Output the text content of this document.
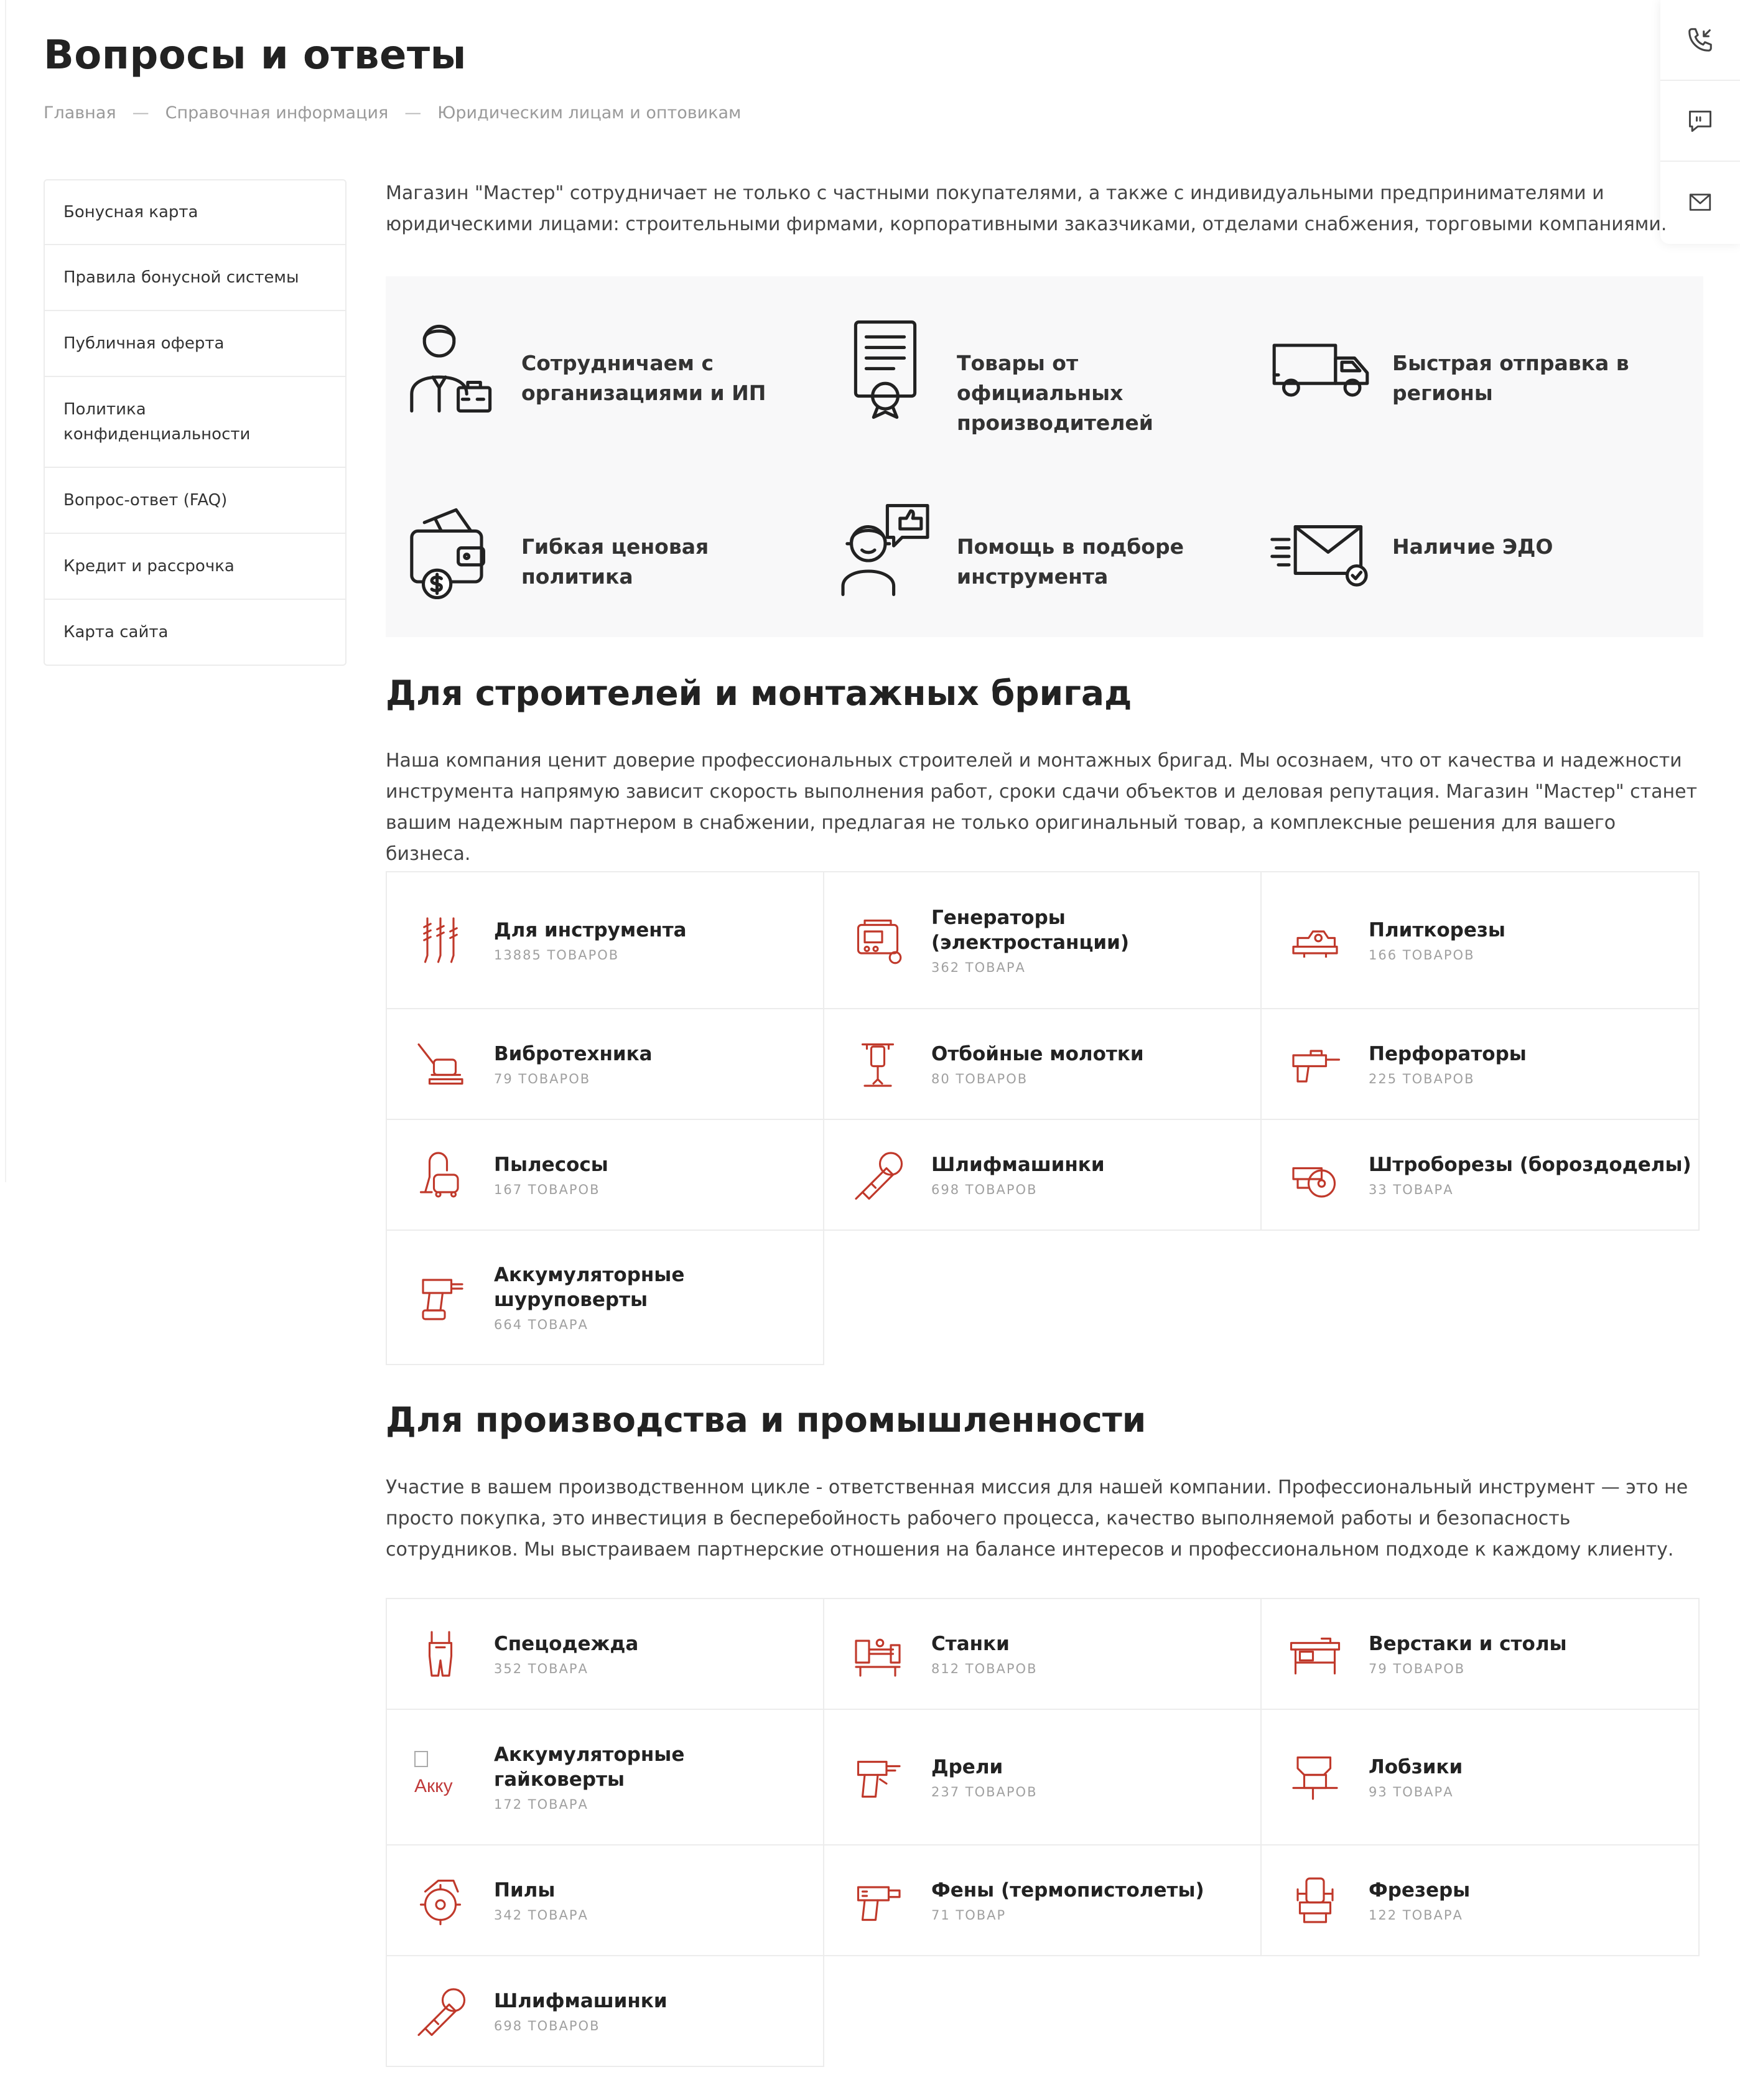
Вопросы и ответы
Главная — Справочная информация — Юридическим лицам и оптовикам
Бонусная карта
Правила бонусной системы
Публичная оферта
Политика конфиденциальности
Вопрос-ответ (FAQ)
Кредит и рассрочка
Карта сайта

Магазин "Мастер" сотрудничает не только с частными покупателями, а также с индивидуальными предпринимателями и юридическими лицами: строительными фирмами, корпоративными заказчиками, отделами снабжения, торговыми компаниями.

Сотрудничаем с организациями и ИП
Товары от официальных производителей
Быстрая отправка в регионы
Гибкая ценовая политика
Помощь в подборе инструмента
Наличие ЭДО
Для строителей и монтажных бригад

Наша компания ценит доверие профессиональных строителей и монтажных бригад. Мы осознаем, что от качества и надежности инструмента напрямую зависит скорость выполнения работ, сроки сдачи объектов и деловая репутация. Магазин "Мастер" станет вашим надежным партнером в снабжении, предлагая не только оригинальный товар, а комплексные решения для вашего бизнеса.

Для инструмента
13885 ТОВАРОВ
Генераторы (электростанции)
362 ТОВАРА
Плиткорезы
166 ТОВАРОВ
Вибротехника
79 ТОВАРОВ
Отбойные молотки
80 ТОВАРОВ
Перфораторы
225 ТОВАРОВ
Пылесосы
167 ТОВАРОВ
Шлифмашинки
698 ТОВАРОВ
Штроборезы (бороздоделы)
33 ТОВАРА
Аккумуляторные шуруповерты
664 ТОВАРА
Для производства и промышленности

Участие в вашем производственном цикле - ответственная миссия для нашей компании. Профессиональный инструмент — это не просто покупка, это инвестиция в бесперебойность рабочего процесса, качество выполняемой работы и безопасность сотрудников. Мы выстраиваем партнерские отношения на балансе интересов и профессиональном подходе к каждому клиенту.

Спецодежда
352 ТОВАРА
Станки
812 ТОВАРОВ
Верстаки и столы
79 ТОВАРОВ

Акку
Аккумуляторные гайковерты
172 ТОВАРА
Дрели
237 ТОВАРОВ
Лобзики
93 ТОВАРА
Пилы
342 ТОВАРА
Фены (термопистолеты)
71 ТОВАР
Фрезеры
122 ТОВАРА
Шлифмашинки
698 ТОВАРОВ
